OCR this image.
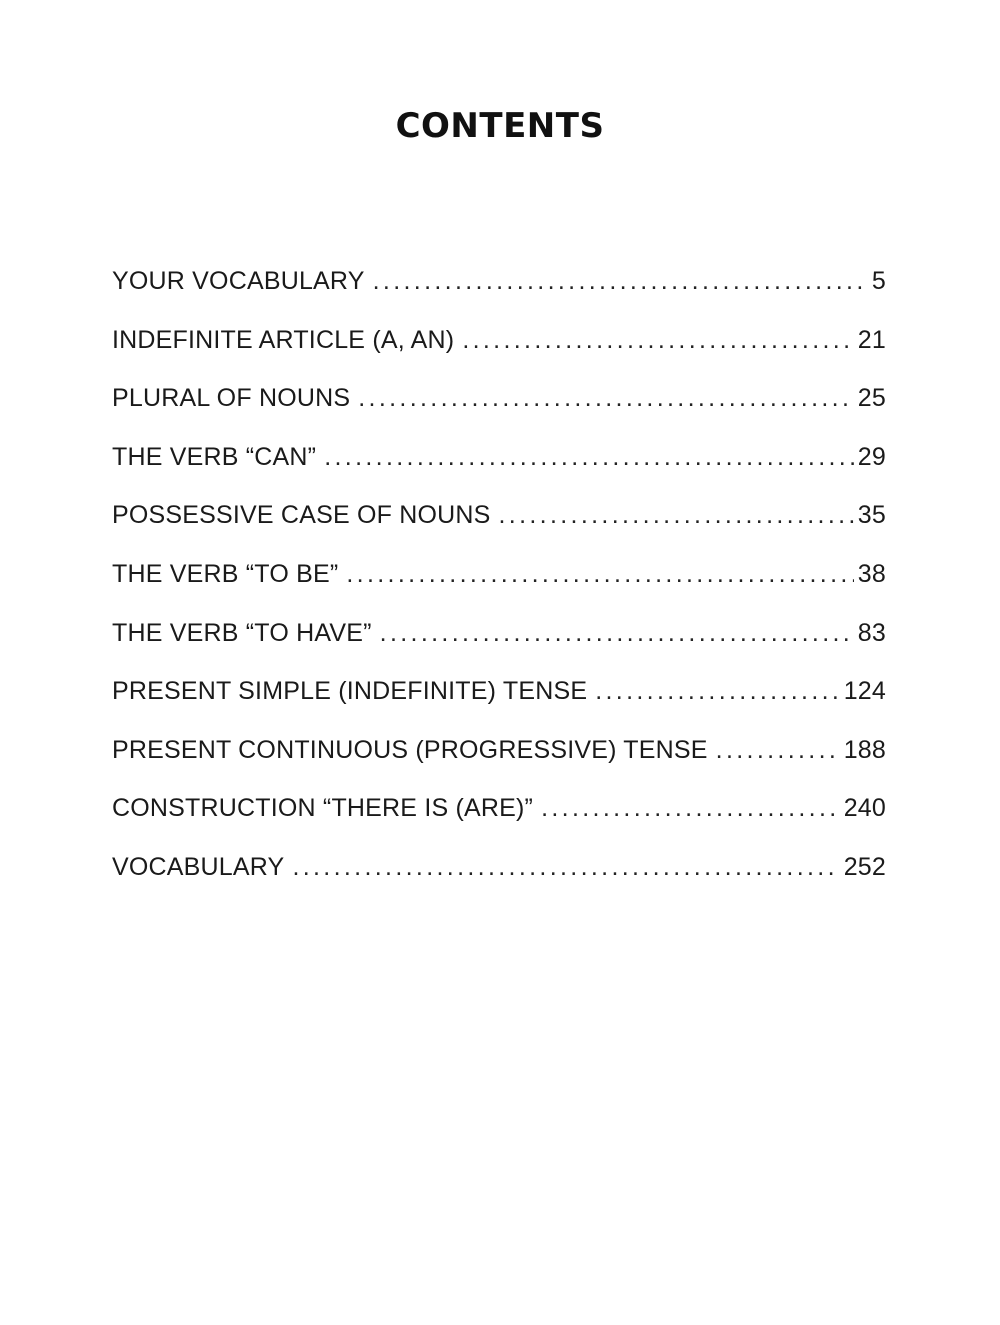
CONTENTS
YOUR VOCABULARY . . .	5
INDEFINITE ARTICLE (A, AN) . . .	21
PLURAL OF NOUNS . . .	25
THE VERB “CAN” . . .	29
POSSESSIVE CASE OF NOUNS . . .	35
THE VERB “TO BE” . . .	38
THE VERB “TO HAVE” . . .	83
PRESENT SIMPLE (INDEFINITE) TENSE . . .	124
PRESENT CONTINUOUS (PROGRESSIVE) TENSE . . .	188
CONSTRUCTION “THERE IS (ARE)” . . .	240
VOCABULARY . . .	252
